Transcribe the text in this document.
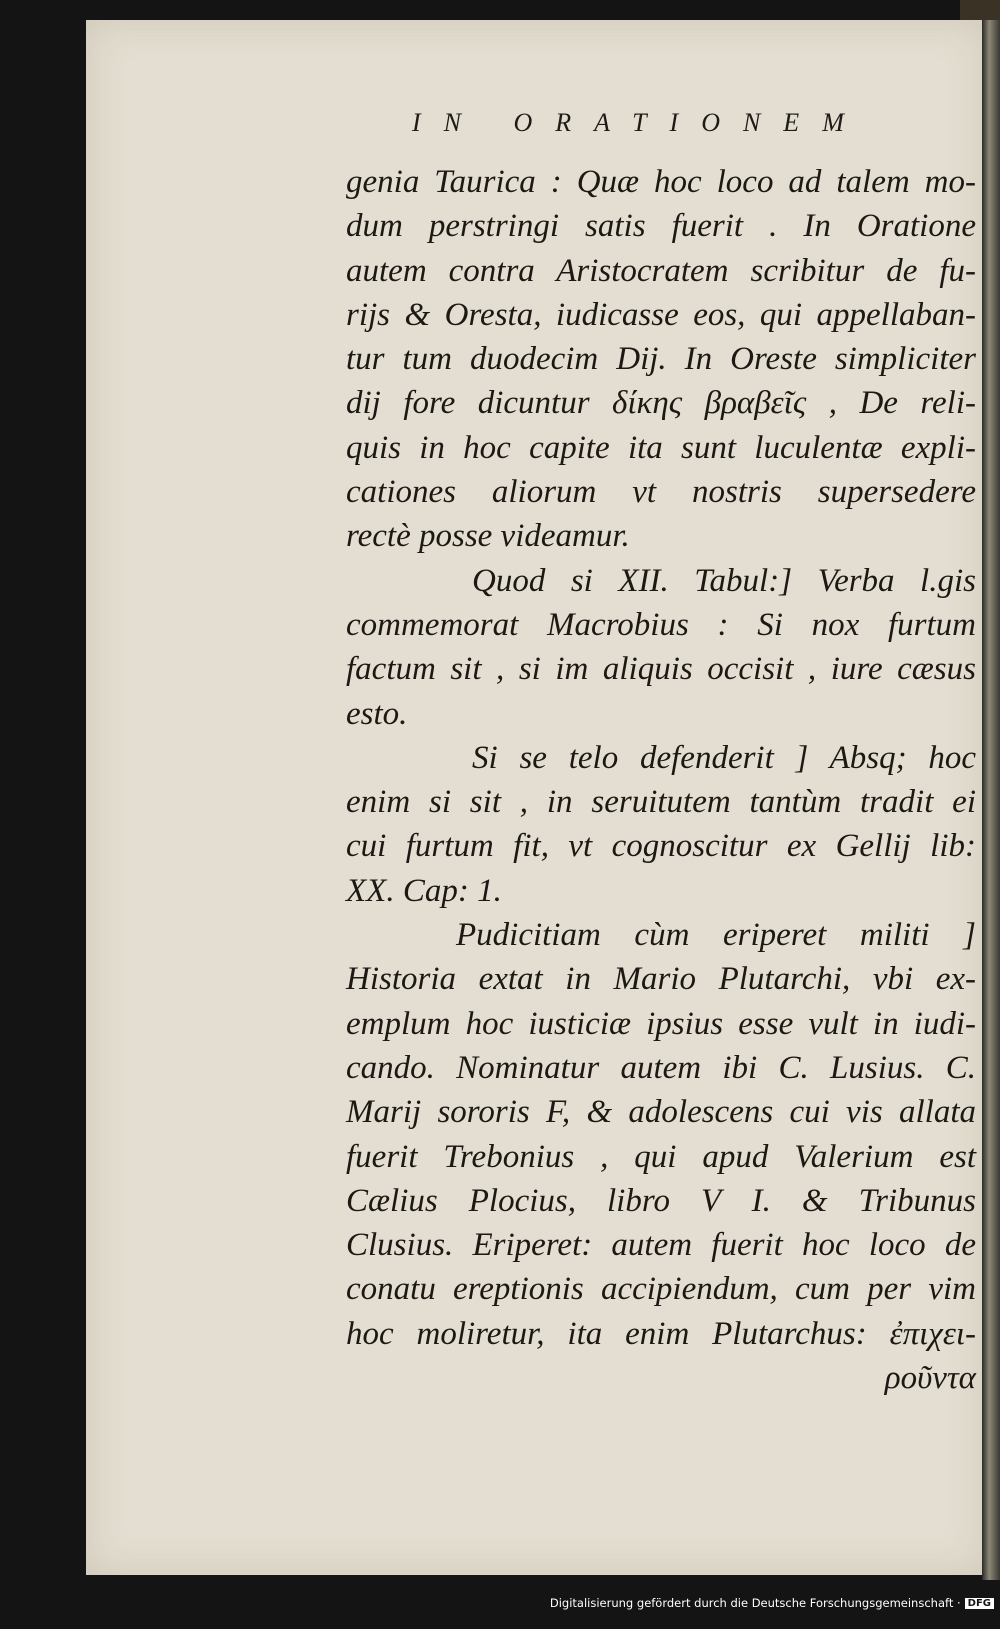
IN ORATIONEM
genia Taurica : Quæ hoc loco ad talem mo-
dum perstringi satis fuerit . In Oratione
autem contra Aristocratem scribitur de fu-
rijs & Oresta, iudicasse eos, qui appellaban-
tur tum duodecim Dij. In Oreste simpliciter
dij fore dicuntur δίκης βραβεῖς , De reli-
quis in hoc capite ita sunt luculentæ expli-
cationes aliorum vt nostris supersedere
rectè posse videamur.
Quod si XII. Tabul:] Verba l.gis
commemorat Macrobius : Si nox furtum
factum sit , si im aliquis occisit , iure cæsus
esto.
Si se telo defenderit ] Absq; hoc
enim si sit , in seruitutem tantùm tradit ei
cui furtum fit, vt cognoscitur ex Gellij lib:
XX. Cap: 1.
Pudicitiam cùm eriperet militi ]
Historia extat in Mario Plutarchi, vbi ex-
emplum hoc iusticiæ ipsius esse vult in iudi-
cando. Nominatur autem ibi C. Lusius. C.
Marij sororis F, & adolescens cui vis allata
fuerit Trebonius , qui apud Valerium est
Cælius Plocius, libro V I. & Tribunus
Clusius. Eriperet: autem fuerit hoc loco de
conatu ereptionis accipiendum, cum per vim
hoc moliretur, ita enim Plutarchus: ἐπιχει-
ροῦντα
Digitalisierung gefördert durch die Deutsche Forschungsgemeinschaft · DFG
